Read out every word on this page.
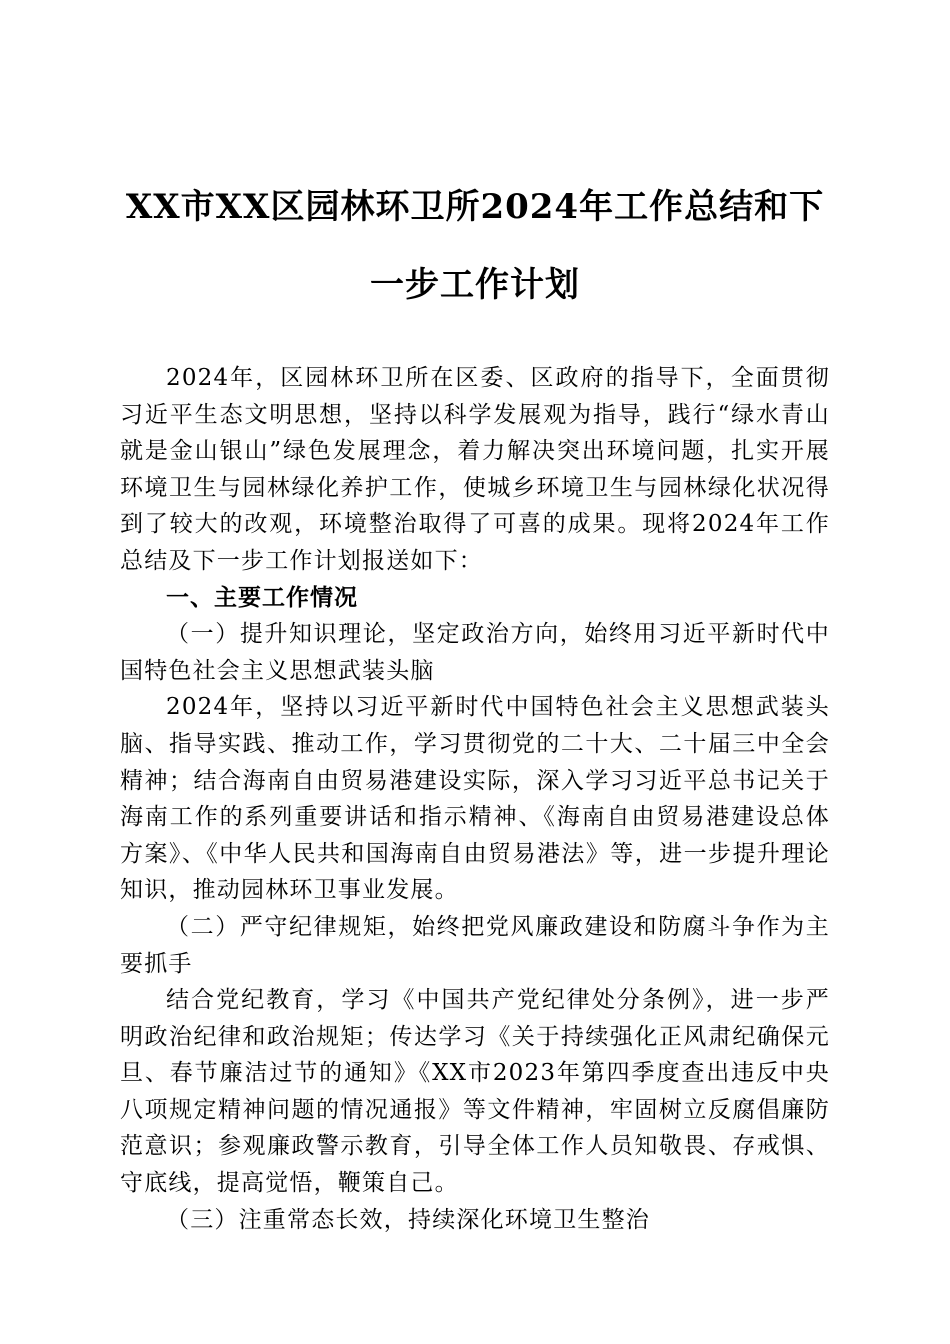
XX市XX区园林环卫所2024年工作总结和下
一步工作计划

2024年，区园林环卫所在区委、区政府的指导下，全面贯彻习近平生态文明思想，坚持以科学发展观为指导，践行“绿水青山就是金山银山”绿色发展理念，着力解决突出环境问题，扎实开展环境卫生与园林绿化养护工作，使城乡环境卫生与园林绿化状况得到了较大的改观，环境整治取得了可喜的成果。现将2024年工作总结及下一步工作计划报送如下：

一、主要工作情况

（一）提升知识理论，坚定政治方向，始终用习近平新时代中国特色社会主义思想武装头脑

2024年，坚持以习近平新时代中国特色社会主义思想武装头脑、指导实践、推动工作，学习贯彻党的二十大、二十届三中全会精神；结合海南自由贸易港建设实际，深入学习习近平总书记关于海南工作的系列重要讲话和指示精神、《海南自由贸易港建设总体方案》、《中华人民共和国海南自由贸易港法》等，进一步提升理论知识，推动园林环卫事业发展。

（二）严守纪律规矩，始终把党风廉政建设和防腐斗争作为主要抓手

结合党纪教育，学习《中国共产党纪律处分条例》，进一步严明政治纪律和政治规矩；传达学习《关于持续强化正风肃纪确保元旦、春节廉洁过节的通知》《XX市2023年第四季度查出违反中央八项规定精神问题的情况通报》等文件精神，牢固树立反腐倡廉防范意识；参观廉政警示教育，引导全体工作人员知敬畏、存戒惧、守底线，提高觉悟，鞭策自己。

（三）注重常态长效，持续深化环境卫生整治
